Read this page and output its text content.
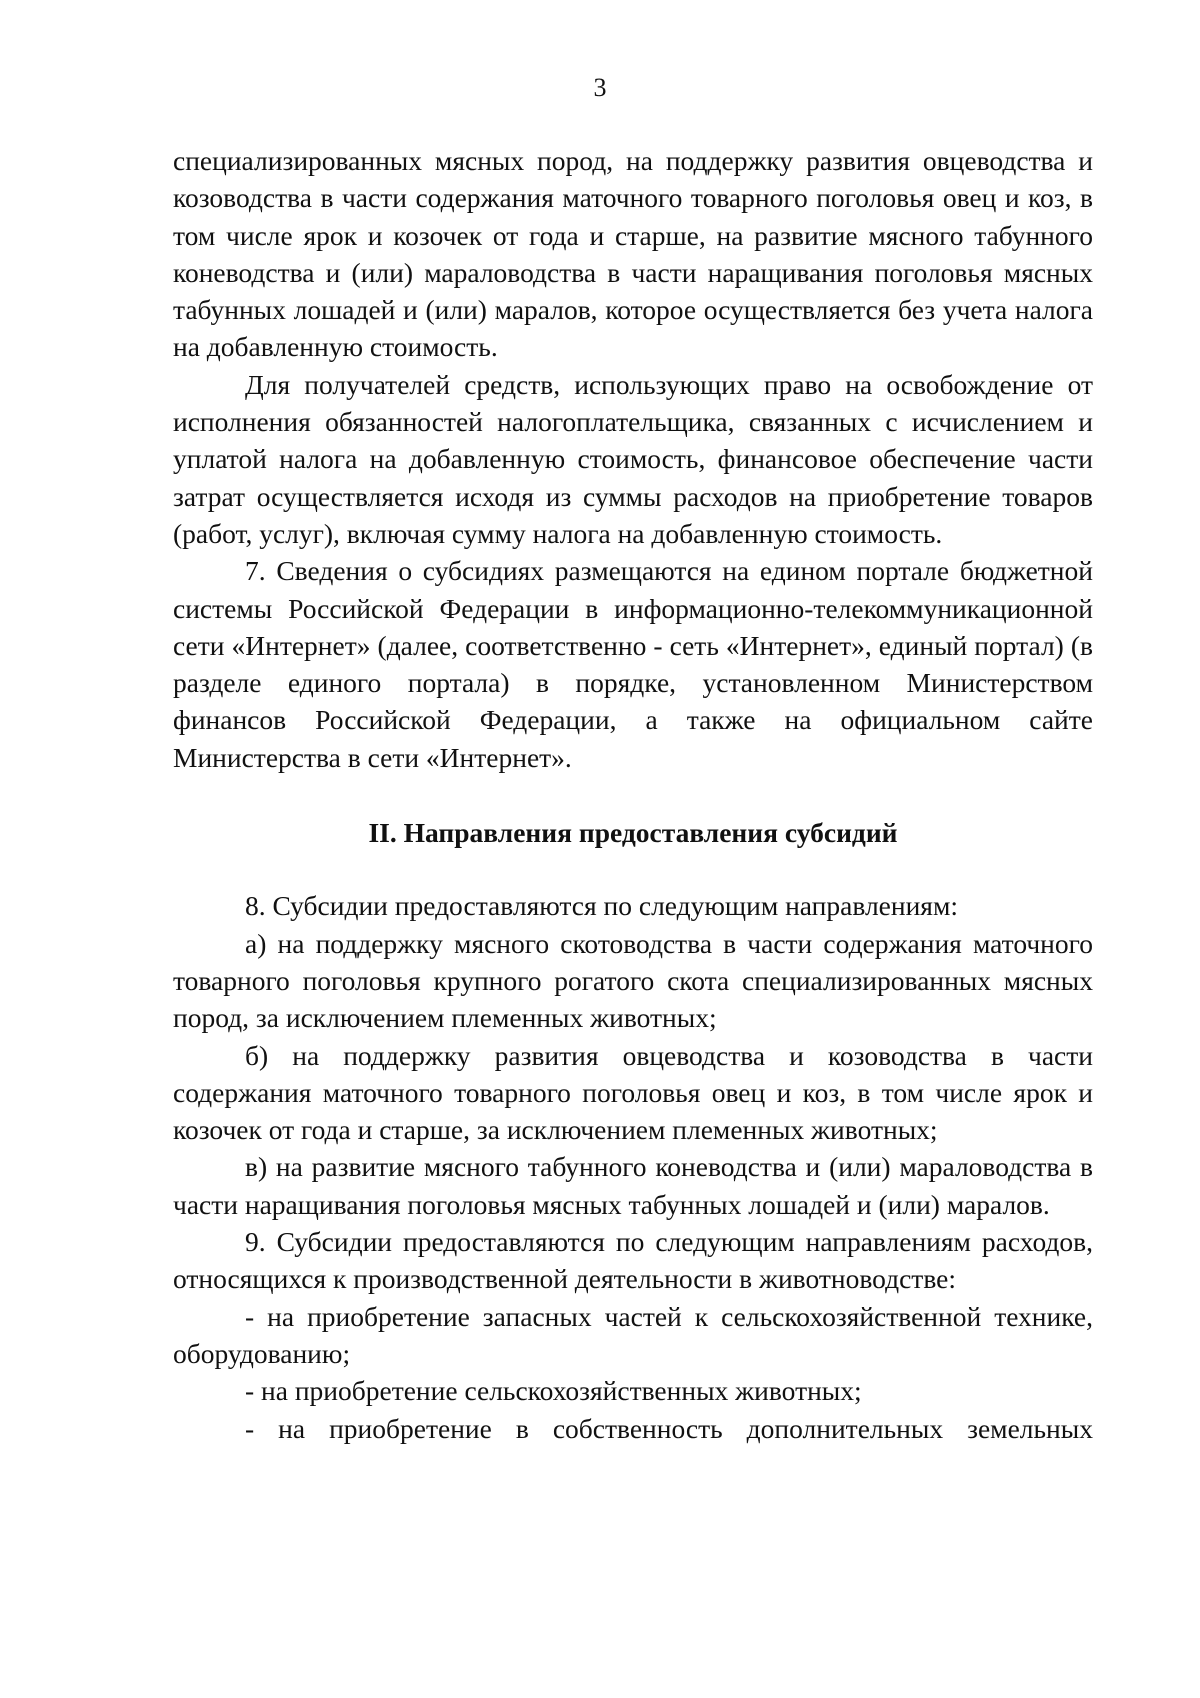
3

специализированных мясных пород, на поддержку развития овцеводства и козоводства в части содержания маточного товарного поголовья овец и коз, в том числе ярок и козочек от года и старше, на развитие мясного табунного коневодства и (или) мараловодства в части наращивания поголовья мясных табунных лошадей и (или) маралов, которое осуществляется без учета налога на добавленную стоимость.

Для получателей средств, использующих право на освобождение от исполнения обязанностей налогоплательщика, связанных с исчислением и уплатой налога на добавленную стоимость, финансовое обеспечение части затрат осуществляется исходя из суммы расходов на приобретение товаров (работ, услуг), включая сумму налога на добавленную стоимость.

7. Сведения о субсидиях размещаются на едином портале бюджетной системы Российской Федерации в информационно-телекоммуникационной сети «Интернет» (далее, соответственно - сеть «Интернет», единый портал) (в разделе единого портала) в порядке, установленном Министерством финансов Российской Федерации, а также на официальном сайте Министерства в сети «Интернет».

II. Направления предоставления субсидий

8. Субсидии предоставляются по следующим направлениям:

а) на поддержку мясного скотоводства в части содержания маточного товарного поголовья крупного рогатого скота специализированных мясных пород, за исключением племенных животных;

б) на поддержку развития овцеводства и козоводства в части содержания маточного товарного поголовья овец и коз, в том числе ярок и козочек от года и старше, за исключением племенных животных;

в) на развитие мясного табунного коневодства и (или) мараловодства в части наращивания поголовья мясных табунных лошадей и (или) маралов.

9. Субсидии предоставляются по следующим направлениям расходов, относящихся к производственной деятельности в животноводстве:

- на приобретение запасных частей к сельскохозяйственной технике, оборудованию;

- на приобретение сельскохозяйственных животных;

- на приобретение в собственность дополнительных земельных
